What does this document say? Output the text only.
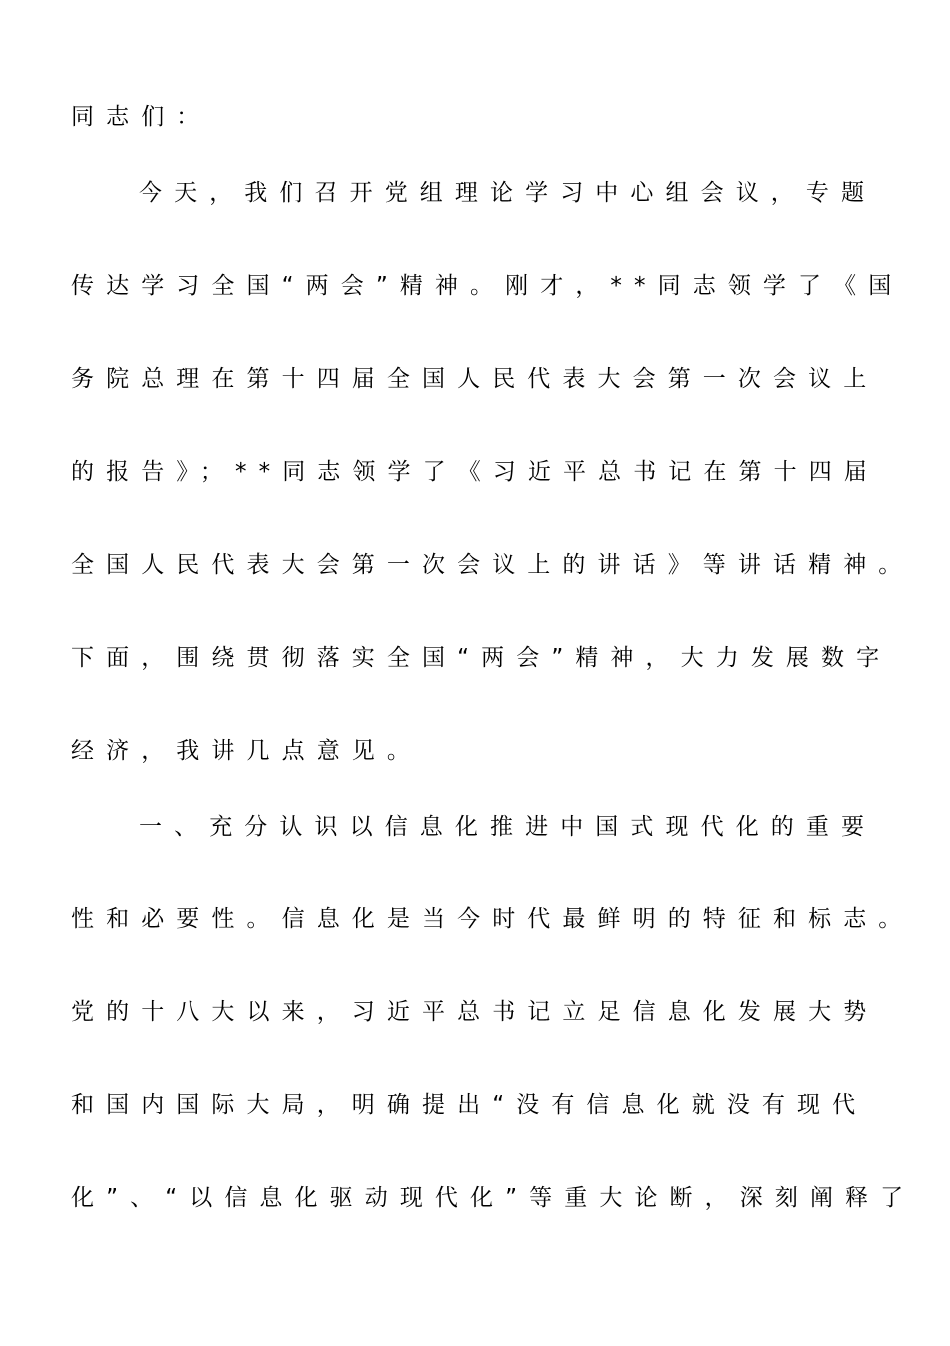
同志们：
今天，我们召开党组理论学习中心组会议，专题
传达学习全国“两会”精神。刚才，**同志领学了《国
务院总理在第十四届全国人民代表大会第一次会议上
的报告》；**同志领学了《习近平总书记在第十四届
全国人民代表大会第一次会议上的讲话》等讲话精神。
下面，围绕贯彻落实全国“两会”精神，大力发展数字
经济，我讲几点意见。
一、充分认识以信息化推进中国式现代化的重要
性和必要性。信息化是当今时代最鲜明的特征和标志。
党的十八大以来，习近平总书记立足信息化发展大势
和国内国际大局，明确提出“没有信息化就没有现代
化”、“以信息化驱动现代化”等重大论断，深刻阐释了
